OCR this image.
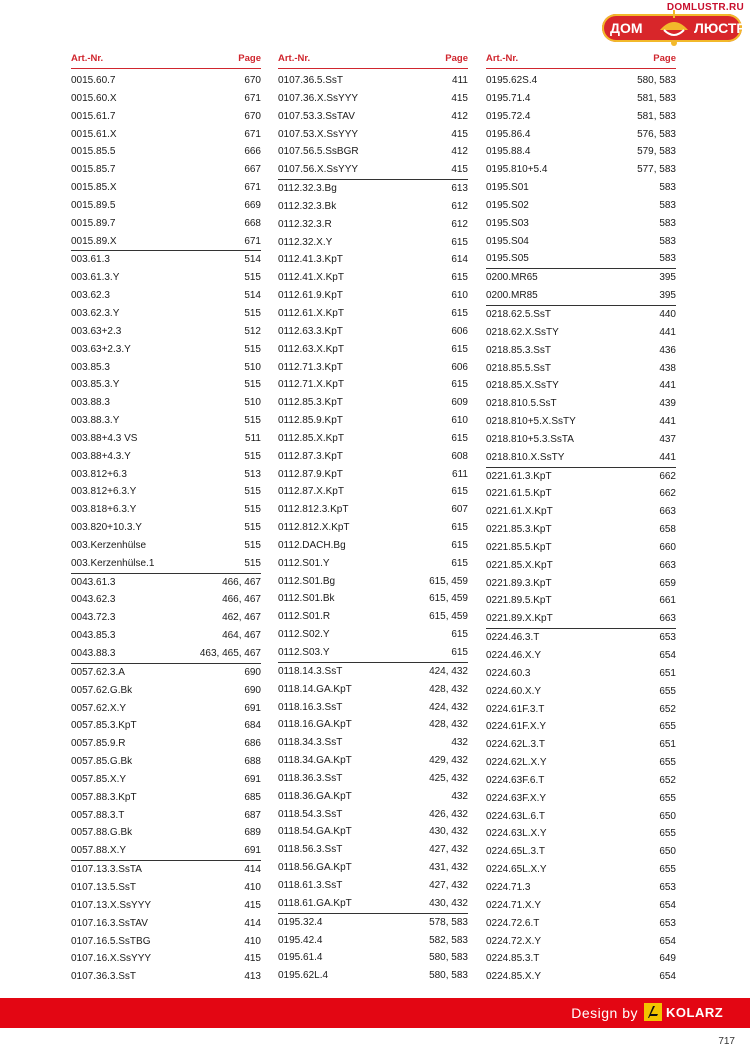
DOMLUSTR.RU
ДОМ	ЛЮСТР
Art.-Nr.	Page
0015.60.7	670
0015.60.X	671
0015.61.7	670
0015.61.X	671
0015.85.5	666
0015.85.7	667
0015.85.X	671
0015.89.5	669
0015.89.7	668
0015.89.X	671
003.61.3	514
003.61.3.Y	515
003.62.3	514
003.62.3.Y	515
003.63+2.3	512
003.63+2.3.Y	515
003.85.3	510
003.85.3.Y	515
003.88.3	510
003.88.3.Y	515
003.88+4.3 VS	511
003.88+4.3.Y	515
003.812+6.3	513
003.812+6.3.Y	515
003.818+6.3.Y	515
003.820+10.3.Y	515
003.Kerzenhülse	515
003.Kerzenhülse.1	515
0043.61.3	466, 467
0043.62.3	466, 467
0043.72.3	462, 467
0043.85.3	464, 467
0043.88.3	463, 465, 467
0057.62.3.A	690
0057.62.G.Bk	690
0057.62.X.Y	691
0057.85.3.KpT	684
0057.85.9.R	686
0057.85.G.Bk	688
0057.85.X.Y	691
0057.88.3.KpT	685
0057.88.3.T	687
0057.88.G.Bk	689
0057.88.X.Y	691
0107.13.3.SsTA	414
0107.13.5.SsT	410
0107.13.X.SsYYY	415
0107.16.3.SsTAV	414
0107.16.5.SsTBG	410
0107.16.X.SsYYY	415
0107.36.3.SsT	413
Art.-Nr.	Page
0107.36.5.SsT	411
0107.36.X.SsYYY	415
0107.53.3.SsTAV	412
0107.53.X.SsYYY	415
0107.56.5.SsBGR	412
0107.56.X.SsYYY	415
0112.32.3.Bg	613
0112.32.3.Bk	612
0112.32.3.R	612
0112.32.X.Y	615
0112.41.3.KpT	614
0112.41.X.KpT	615
0112.61.9.KpT	610
0112.61.X.KpT	615
0112.63.3.KpT	606
0112.63.X.KpT	615
0112.71.3.KpT	606
0112.71.X.KpT	615
0112.85.3.KpT	609
0112.85.9.KpT	610
0112.85.X.KpT	615
0112.87.3.KpT	608
0112.87.9.KpT	611
0112.87.X.KpT	615
0112.812.3.KpT	607
0112.812.X.KpT	615
0112.DACH.Bg	615
0112.S01.Y	615
0112.S01.Bg	615, 459
0112.S01.Bk	615, 459
0112.S01.R	615, 459
0112.S02.Y	615
0112.S03.Y	615
0118.14.3.SsT	424, 432
0118.14.GA.KpT	428, 432
0118.16.3.SsT	424, 432
0118.16.GA.KpT	428, 432
0118.34.3.SsT	432
0118.34.GA.KpT	429, 432
0118.36.3.SsT	425, 432
0118.36.GA.KpT	432
0118.54.3.SsT	426, 432
0118.54.GA.KpT	430, 432
0118.56.3.SsT	427, 432
0118.56.GA.KpT	431, 432
0118.61.3.SsT	427, 432
0118.61.GA.KpT	430, 432
0195.32.4	578, 583
0195.42.4	582, 583
0195.61.4	580, 583
0195.62L.4	580, 583
Art.-Nr.	Page
0195.62S.4	580, 583
0195.71.4	581, 583
0195.72.4	581, 583
0195.86.4	576, 583
0195.88.4	579, 583
0195.810+5.4	577, 583
0195.S01	583
0195.S02	583
0195.S03	583
0195.S04	583
0195.S05	583
0200.MR65	395
0200.MR85	395
0218.62.5.SsT	440
0218.62.X.SsTY	441
0218.85.3.SsT	436
0218.85.5.SsT	438
0218.85.X.SsTY	441
0218.810.5.SsT	439
0218.810+5.X.SsTY	441
0218.810+5.3.SsTA	437
0218.810.X.SsTY	441
0221.61.3.KpT	662
0221.61.5.KpT	662
0221.61.X.KpT	663
0221.85.3.KpT	658
0221.85.5.KpT	660
0221.85.X.KpT	663
0221.89.3.KpT	659
0221.89.5.KpT	661
0221.89.X.KpT	663
0224.46.3.T	653
0224.46.X.Y	654
0224.60.3	651
0224.60.X.Y	655
0224.61F.3.T	652
0224.61F.X.Y	655
0224.62L.3.T	651
0224.62L.X.Y	655
0224.63F.6.T	652
0224.63F.X.Y	655
0224.63L.6.T	650
0224.63L.X.Y	655
0224.65L.3.T	650
0224.65L.X.Y	655
0224.71.3	653
0224.71.X.Y	654
0224.72.6.T	653
0224.72.X.Y	654
0224.85.3.T	649
0224.85.X.Y	654
Design by KOLARZ
717
